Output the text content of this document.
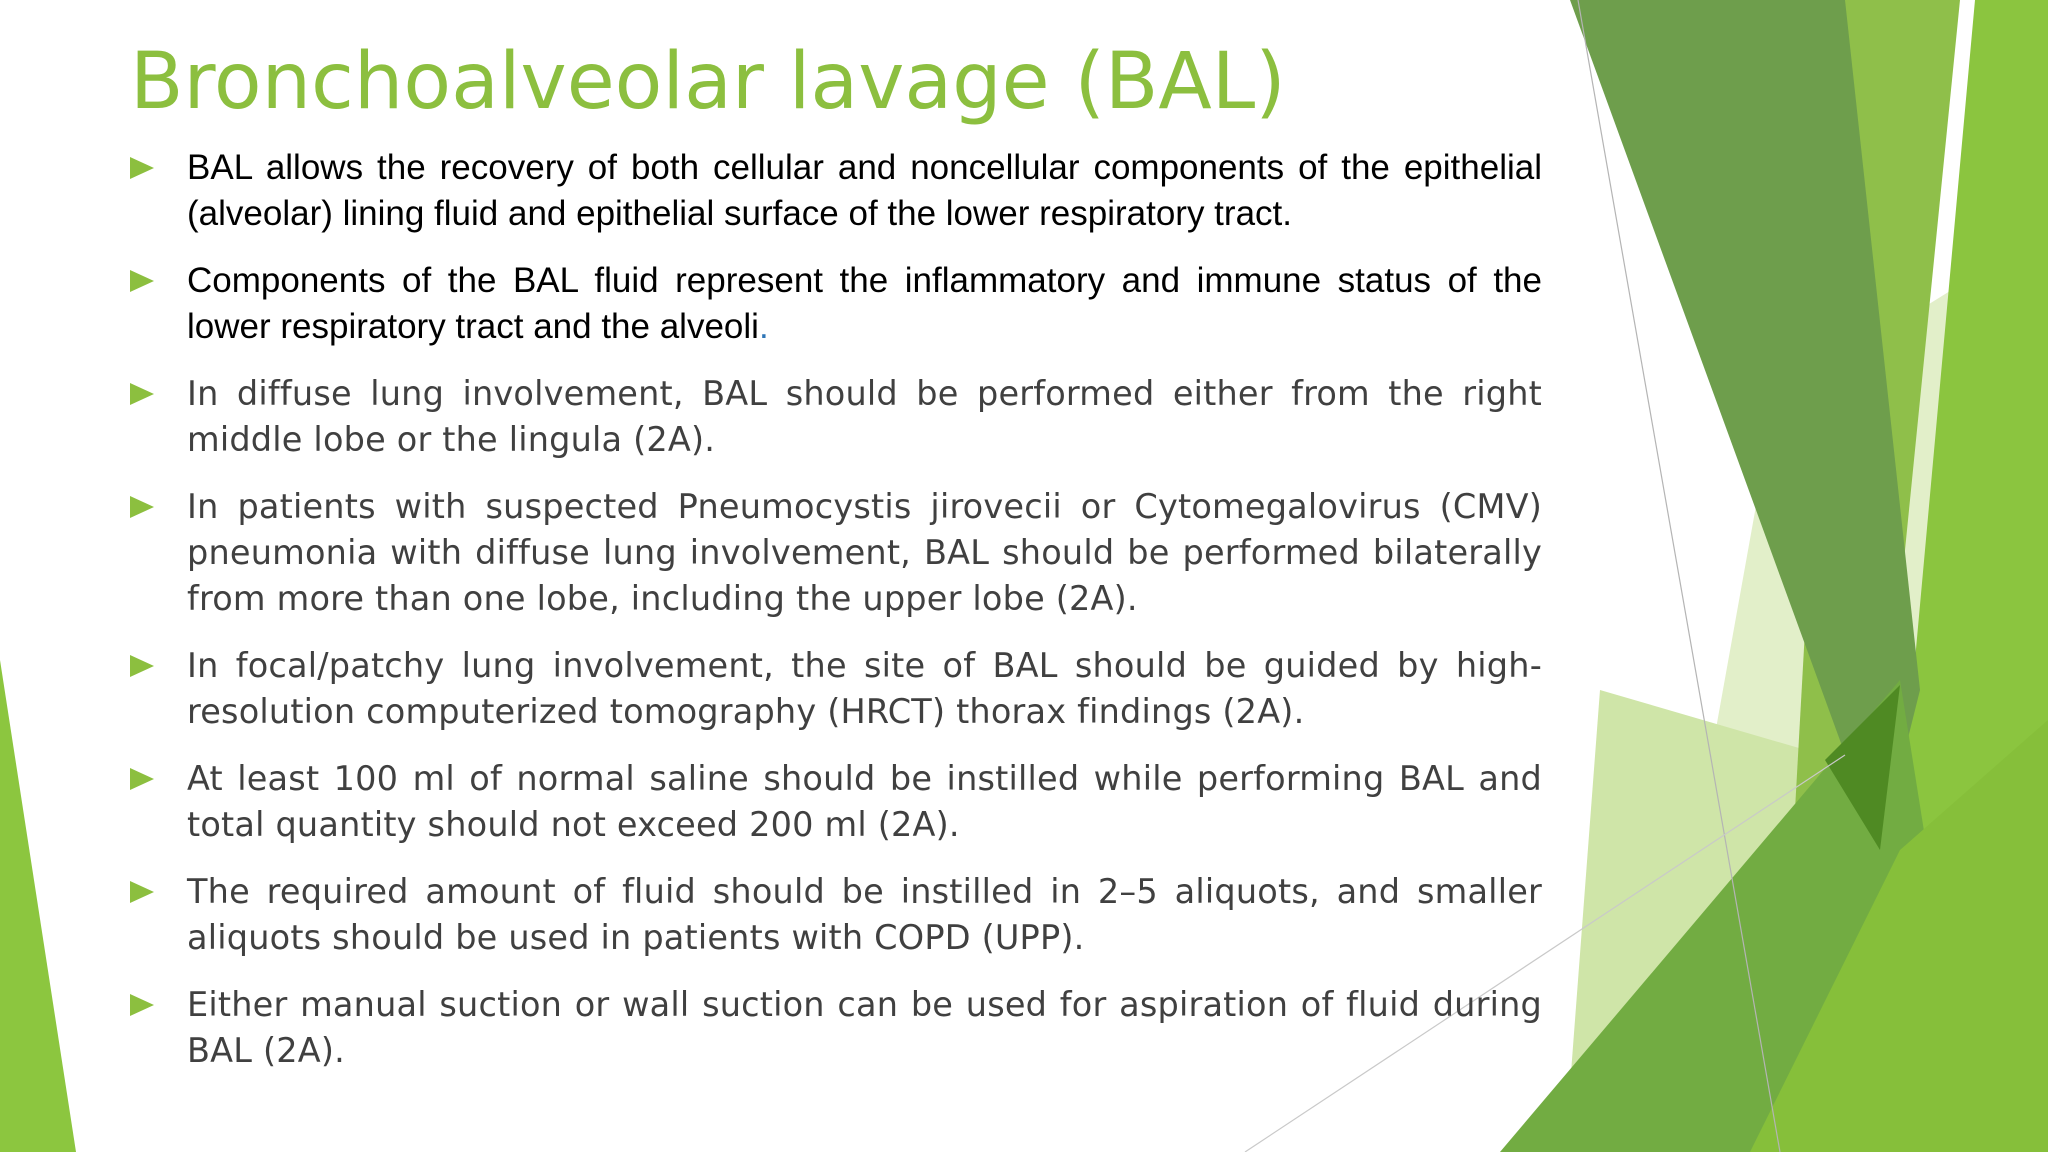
Bronchoalveolar lavage (BAL)
BAL allows the recovery of both cellular and noncellular components of the epithelial (alveolar) lining fluid and epithelial surface of the lower respiratory tract.
Components of the BAL fluid represent the inflammatory and immune status of the lower respiratory tract and the alveoli.
In diffuse lung involvement, BAL should be performed either from the right middle lobe or the lingula (2A).
In patients with suspected Pneumocystis jirovecii or Cytomegalovirus (CMV) pneumonia with diffuse lung involvement, BAL should be performed bilaterally from more than one lobe, including the upper lobe (2A).
In focal/patchy lung involvement, the site of BAL should be guided by high-resolution computerized tomography (HRCT) thorax findings (2A).
At least 100 ml of normal saline should be instilled while performing BAL and total quantity should not exceed 200 ml (2A).
The required amount of fluid should be instilled in 2–5 aliquots, and smaller aliquots should be used in patients with COPD (UPP).
Either manual suction or wall suction can be used for aspiration of fluid during BAL (2A).
